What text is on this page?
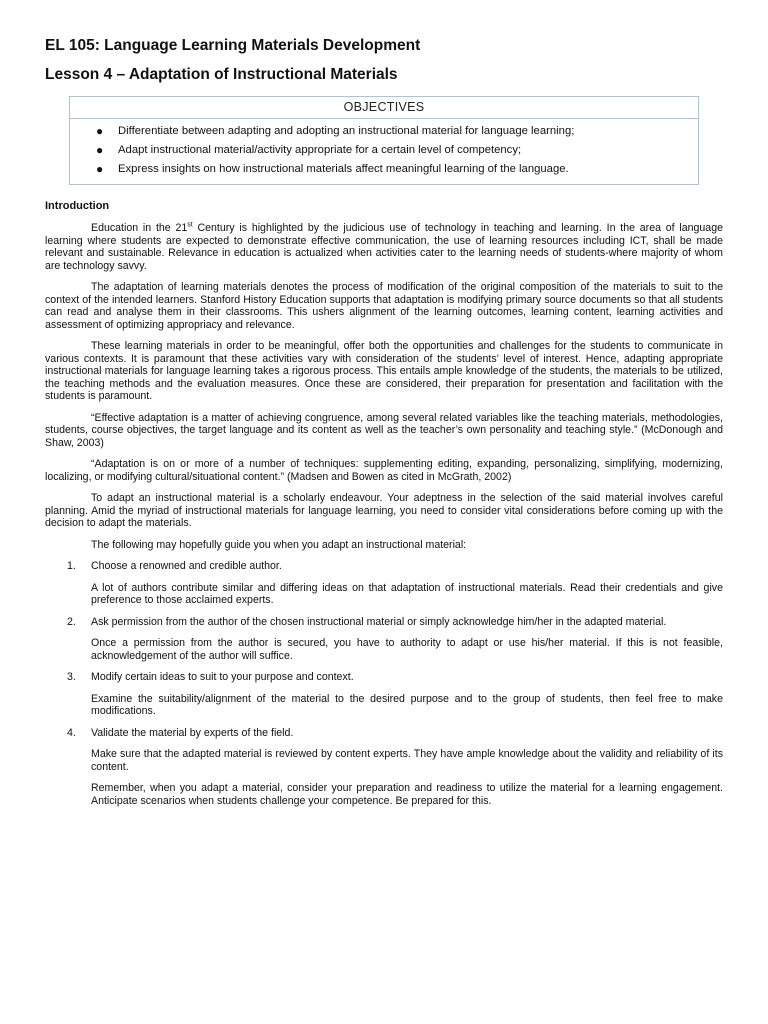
EL 105: Language Learning Materials Development
Lesson 4 – Adaptation of Instructional Materials
OBJECTIVES
● Differentiate between adapting and adopting an instructional material for language learning;
● Adapt instructional material/activity appropriate for a certain level of competency;
● Express insights on how instructional materials affect meaningful learning of the language.
Introduction

Education in the 21st Century is highlighted by the judicious use of technology in teaching and learning. In the area of language learning where students are expected to demonstrate effective communication, the use of learning resources including ICT, shall be made relevant and sustainable. Relevance in education is actualized when activities cater to the learning needs of students-where majority of whom are technology savvy.

The adaptation of learning materials denotes the process of modification of the original composition of the materials to suit to the context of the intended learners. Stanford History Education supports that adaptation is modifying primary source documents so that all students can read and analyse them in their classrooms. This ushers alignment of the learning outcomes, learning content, learning activities and assessment of optimizing appropriacy and relevance.

These learning materials in order to be meaningful, offer both the opportunities and challenges for the students to communicate in various contexts. It is paramount that these activities vary with consideration of the students’ level of interest. Hence, adapting appropriate instructional materials for language learning takes a rigorous process. This entails ample knowledge of the students, the materials to be utilized, the teaching methods and the evaluation measures. Once these are considered, their preparation for presentation and facilitation with the students is paramount.

“Effective adaptation is a matter of achieving congruence, among several related variables like the teaching materials, methodologies, students, course objectives, the target language and its content as well as the teacher’s own personality and teaching style.” (McDonough and Shaw, 2003)

“Adaptation is on or more of a number of techniques: supplementing editing, expanding, personalizing, simplifying, modernizing, localizing, or modifying cultural/situational content.” (Madsen and Bowen as cited in McGrath, 2002)

To adapt an instructional material is a scholarly endeavour. Your adeptness in the selection of the said material involves careful planning. Amid the myriad of instructional materials for language learning, you need to consider vital considerations before coming up with the decision to adapt the materials.

The following may hopefully guide you when you adapt an instructional material:

1. Choose a renowned and credible author.

A lot of authors contribute similar and differing ideas on that adaptation of instructional materials. Read their credentials and give preference to those acclaimed experts.

2. Ask permission from the author of the chosen instructional material or simply acknowledge him/her in the adapted material.

Once a permission from the author is secured, you have to authority to adapt or use his/her material. If this is not feasible, acknowledgement of the author will suffice.

3. Modify certain ideas to suit to your purpose and context.

Examine the suitability/alignment of the material to the desired purpose and to the group of students, then feel free to make modifications.

4. Validate the material by experts of the field.

Make sure that the adapted material is reviewed by content experts. They have ample knowledge about the validity and reliability of its content.

Remember, when you adapt a material, consider your preparation and readiness to utilize the material for a learning engagement. Anticipate scenarios when students challenge your competence. Be prepared for this.
